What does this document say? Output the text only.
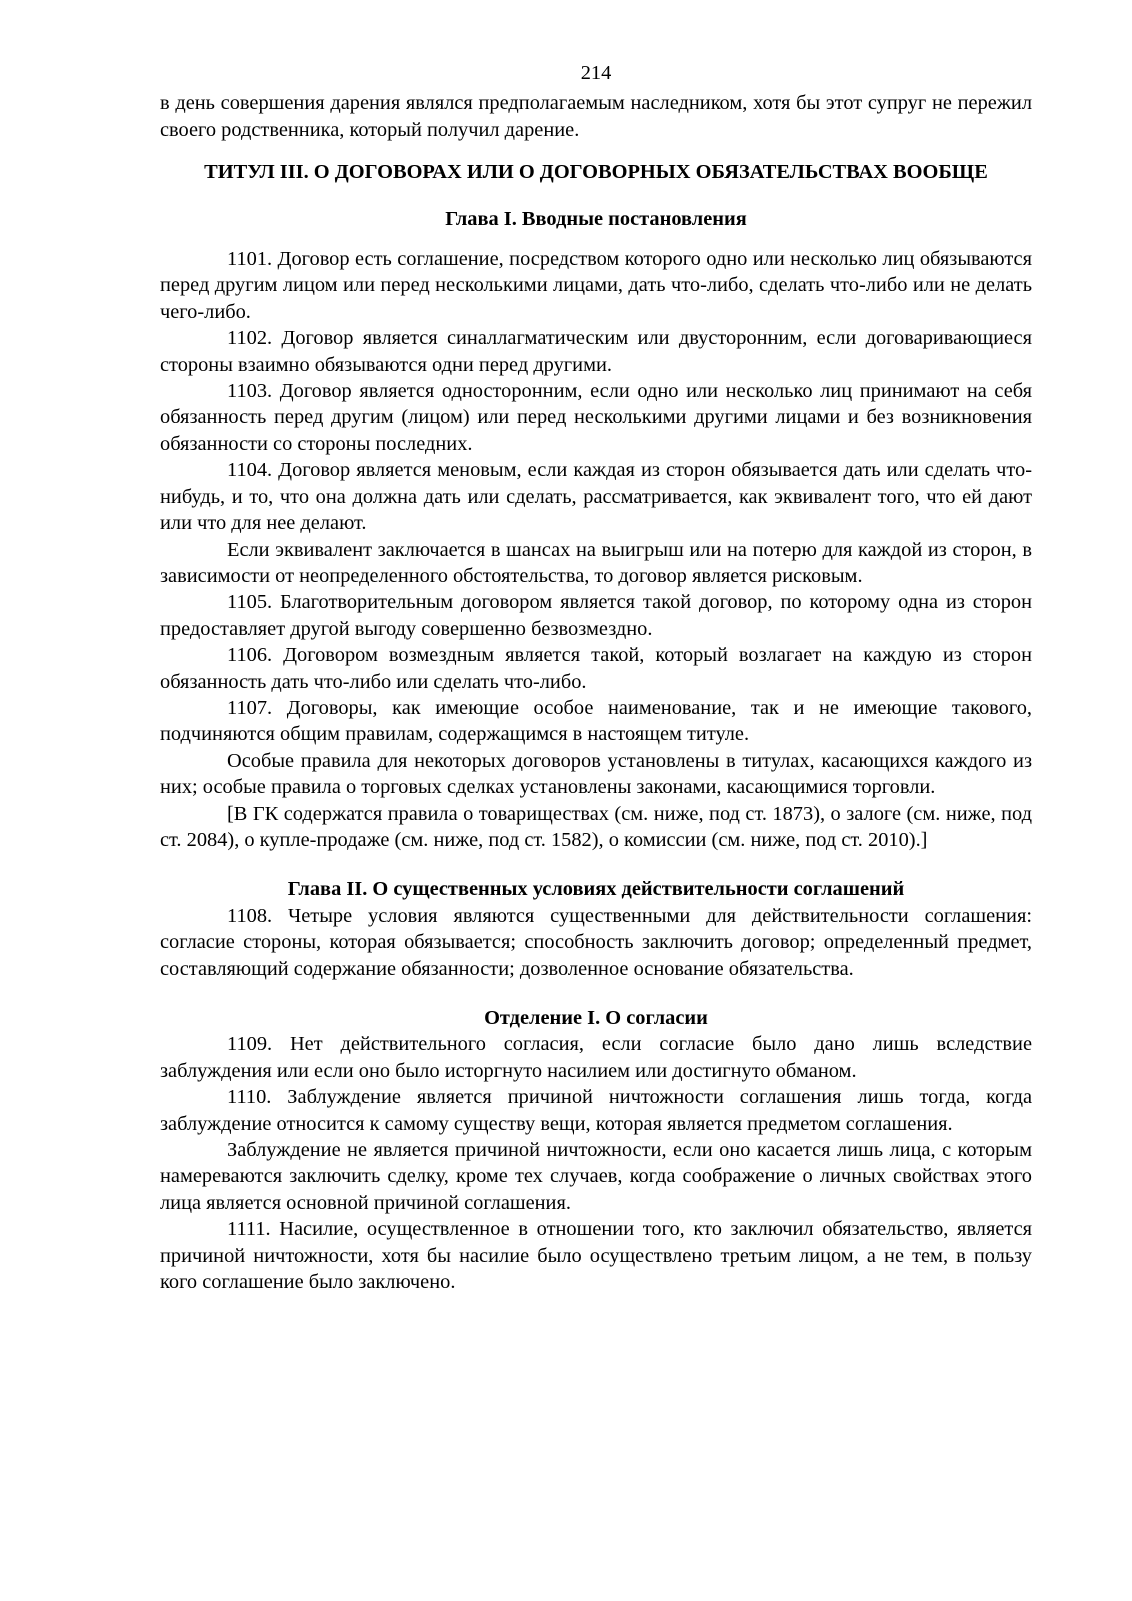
214

в день совершения дарения являлся предполагаемым наследником, хотя бы этот супруг не пережил своего родственника, который получил дарение.

ТИТУЛ III. О ДОГОВОРАХ ИЛИ О ДОГОВОРНЫХ ОБЯЗАТЕЛЬСТВАХ ВООБЩЕ
Глава I. Вводные постановления

1101. Договор есть соглашение, посредством которого одно или несколько лиц обязываются перед другим лицом или перед несколькими лицами, дать что-либо, сделать что-либо или не делать чего-либо.

1102. Договор является синаллагматическим или двусторонним, если договаривающиеся стороны взаимно обязываются одни перед другими.

1103. Договор является односторонним, если одно или несколько лиц принимают на себя обязанность перед другим (лицом) или перед несколькими другими лицами и без возникновения обязанности со стороны последних.

1104. Договор является меновым, если каждая из сторон обязывается дать или сделать что-нибудь, и то, что она должна дать или сделать, рассматривается, как эквивалент того, что ей дают или что для нее делают.

Если эквивалент заключается в шансах на выигрыш или на потерю для каждой из сторон, в зависимости от неопределенного обстоятельства, то договор является рисковым.

1105. Благотворительным договором является такой договор, по которому одна из сторон предоставляет другой выгоду совершенно безвозмездно.

1106. Договором возмездным является такой, который возлагает на каждую из сторон обязанность дать что-либо или сделать что-либо.

1107. Договоры, как имеющие особое наименование, так и не имеющие такового, подчиняются общим правилам, содержащимся в настоящем титуле.

Особые правила для некоторых договоров установлены в титулах, касающихся каждого из них; особые правила о торговых сделках установлены законами, касающимися торговли.

[В ГК содержатся правила о товариществах (см. ниже, под ст. 1873), о залоге (см. ниже, под ст. 2084), о купле-продаже (см. ниже, под ст. 1582), о комиссии (см. ниже, под ст. 2010).]

Глава II. О существенных условиях действительности соглашений

1108. Четыре условия являются существенными для действительности соглашения: согласие стороны, которая обязывается; способность заключить договор; определенный предмет, составляющий содержание обязанности; дозволенное основание обязательства.

Отделение I. О согласии

1109. Нет действительного согласия, если согласие было дано лишь вследствие заблуждения или если оно было исторгнуто насилием или достигнуто обманом.

1110. Заблуждение является причиной ничтожности соглашения лишь тогда, когда заблуждение относится к самому существу вещи, которая является предметом соглашения.

Заблуждение не является причиной ничтожности, если оно касается лишь лица, с которым намереваются заключить сделку, кроме тех случаев, когда соображение о личных свойствах этого лица является основной причиной соглашения.

1111. Насилие, осуществленное в отношении того, кто заключил обязательство, является причиной ничтожности, хотя бы насилие было осуществлено третьим лицом, а не тем, в пользу кого соглашение было заключено.
